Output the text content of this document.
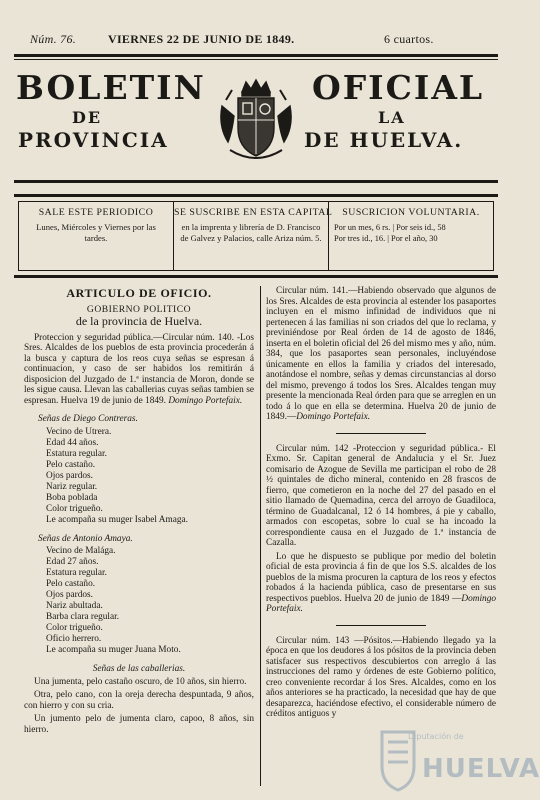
Núm. 76.	VIERNES 22 DE JUNIO DE 1849.	6 cuartos.
BOLETIN	OFICIAL
DE	LA
PROVINCIA	DE HUELVA.
SALE ESTE PERIODICO
Lunes, Miércoles y Viernes por las tardes.
SE SUSCRIBE EN ESTA CAPITAL
en la imprenta y librería de D. Francisco de Galvez y Palacios, calle Ariza núm. 5.
SUSCRICION VOLUNTARIA.
Por un mes, 6 rs. | Por seis id., 58
Por tres id., 16. | Por el año, 30
ARTICULO DE OFICIO.
GOBIERNO POLITICO
de la provincia de Huelva.

Proteccion y seguridad pública.—Circular núm. 140. -Los Sres. Alcaldes de los pueblos de esta provincia procederán á la busca y captura de los reos cuya señas se espresan á continuacion, y caso de ser habidos los remitirán á disposicion del Juzgado de 1.ª instancia de Moron, donde se les sigue causa. Llevan las caballerias cuyas señas tambien se espresan. Huelva 19 de junio de 1849. Domingo Portefaix.

Señas de Diego Contreras.
Vecino de Utrera.
Edad 44 años.
Estatura regular.
Pelo castaño.
Ojos pardos.
Nariz regular.
Boba poblada
Color trigueño.
Le acompaña su muger Isabel Amaga.
Señas de Antonio Amaya.
Vecino de Malága.
Edad 27 años.
Estatura regular.
Pelo castaño.
Ojos pardos.
Nariz abultada.
Barba clara regular.
Color trigueño.
Oficio herrero.
Le acompaña su muger Juana Moto.
Señas de las caballerias.

Una jumenta, pelo castaño oscuro, de 10 años, sin hierro.

Otra, pelo cano, con la oreja derecha despuntada, 9 años, con hierro y con su cria.

Un jumento pelo de jumenta claro, capoo, 8 años, sin hierro.

Circular núm. 141.—Habiendo observado que algunos de los Sres. Alcaldes de esta provincia al estender los pasaportes incluyen en el mismo infinidad de individuos que ni pertenecen á las familias ni son criados del que lo reclama, y previniéndose por Real órden de 14 de agosto de 1846, inserta en el boletin oficial del 26 del mismo mes y año, núm. 384, que los pasaportes sean personales, incluyéndose únicamente en ellos la familia y criados del interesado, anotándose el nombre, señas y demas circunstancias al dorso del mismo, prevengo á todos los Sres. Alcaldes tengan muy presente la mencionada Real órden para que se arreglen en un todo á lo que en ella se determina. Huelva 20 de junio de 1849.—Domingo Portefaix.

Circular núm. 142 -Proteccion y seguridad pública.- El Exmo. Sr. Capitan general de Andalucia y el Sr. Juez comisario de Azogue de Sevilla me participan el robo de 28 ½ quintales de dicho mineral, contenido en 28 frascos de fierro, que cometieron en la noche del 27 del pasado en el sitio llamado de Quemadina, cerca del arroyo de Guadiloca, término de Guadalcanal, 12 ó 14 hombres, á pie y caballo, armados con escopetas, sobre lo cual se ha incoado la correspondiente causa en el Juzgado de 1.ª instancia de Cazalla.

Lo que he dispuesto se publique por medio del boletin oficial de esta provincia á fin de que los S.S. alcaldes de los pueblos de la misma procuren la captura de los reos y efectos robados á la hacienda pública, caso de presentarse en sus respectivos pueblos. Huelva 20 de junio de 1849 —Domingo Portefaix.

Circular núm. 143 —Pósitos.—Habiendo llegado ya la época en que los deudores á los pósitos de la provincia deben satisfacer sus respectivos descubiertos con arreglo á las instrucciones del ramo y órdenes de este Gobierno político, creo conveniente recordar á los Sres. Alcaldes, como en los años anteriores se ha practicado, la necesidad que hay de que desaparezca, haciéndose efectivo, el considerable número de créditos antiguos y

Diputación de
HUELVA
